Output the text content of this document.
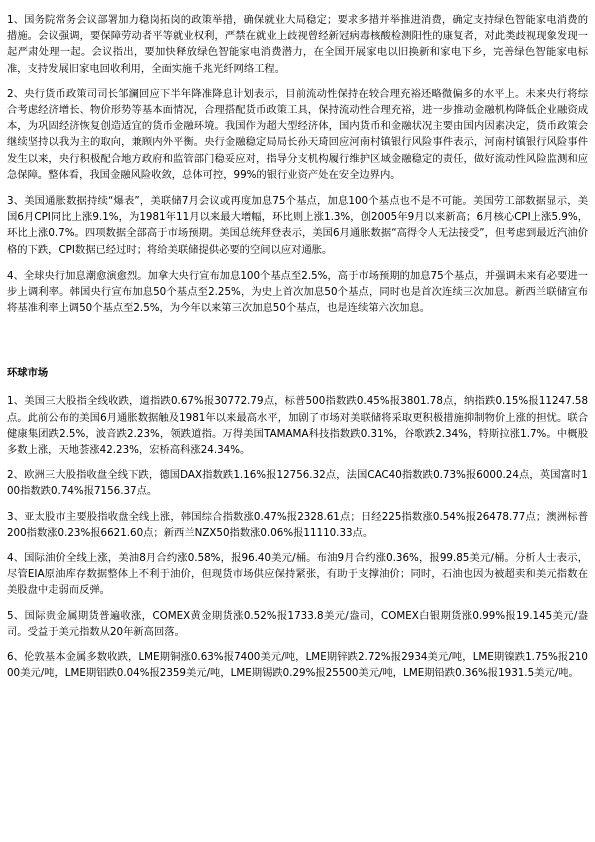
1、国务院常务会议部署加力稳岗拓岗的政策举措，确保就业大局稳定；要求多措并举推进消费，确定支持绿色智能家电消费的措施。会议强调，要保障劳动者平等就业权利，严禁在就业上歧视曾经新冠病毒核酸检测阳性的康复者，对此类歧视现象发现一起严肃处理一起。会议指出，要加快释放绿色智能家电消费潜力，在全国开展家电以旧换新和家电下乡，完善绿色智能家电标准，支持发展旧家电回收利用，全面实施千兆光纤网络工程。

2、央行货币政策司司长邹澜回应下半年降准降息计划表示，目前流动性保持在较合理充裕还略微偏多的水平上。未来央行将综合考虑经济增长、物价形势等基本面情况，合理搭配货币政策工具，保持流动性合理充裕，进一步推动金融机构降低企业融资成本，为巩固经济恢复创造适宜的货币金融环境。我国作为超大型经济体，国内货币和金融状况主要由国内因素决定，货币政策会继续坚持以我为主的取向，兼顾内外平衡。央行金融稳定局局长孙天琦回应河南村镇银行风险事件表示，河南村镇银行风险事件发生以来，央行积极配合地方政府和监管部门稳妥应对，指导分支机构履行维护区域金融稳定的责任，做好流动性风险监测和应急保障。整体看，我国金融风险收敛，总体可控，99%的银行业资产处在安全边界内。

3、美国通胀数据持续“爆表”，美联储7月会议或再度加息75个基点，加息100个基点也不是不可能。美国劳工部数据显示，美国6月CPI同比上涨9.1%，为1981年11月以来最大增幅，环比则上涨1.3%，创2005年9月以来新高；6月核心CPI上涨5.9%，环比上涨0.7%。四项数据全部高于市场预期。美国总统拜登表示，美国6月通胀数据“高得令人无法接受”，但考虑到最近汽油价格的下跌，CPI数据已经过时；将给美联储提供必要的空间以应对通胀。

4、全球央行加息潮愈演愈烈。加拿大央行宣布加息100个基点至2.5%，高于市场预期的加息75个基点，并强调未来有必要进一步上调利率。韩国央行宣布加息50个基点至2.25%，为史上首次加息50个基点，同时也是首次连续三次加息。新西兰联储宣布将基准利率上调50个基点至2.5%，为今年以来第三次加息50个基点，也是连续第六次加息。

环球市场

1、美国三大股指全线收跌，道指跌0.67%报30772.79点，标普500指数跌0.45%报3801.78点，纳指跌0.15%报11247.58点。此前公布的美国6月通胀数据触及1981年以来最高水平，加剧了市场对美联储将采取更积极措施抑制物价上涨的担忧。联合健康集团跌2.5%，波音跌2.23%，领跌道指。万得美国TAMAMA科技指数跌0.31%，谷歌跌2.34%，特斯拉涨1.7%。中概股多数上涨，天地荟涨42.23%，宏桥高科涨24.34%。

2、欧洲三大股指收盘全线下跌，德国DAX指数跌1.16%报12756.32点，法国CAC40指数跌0.73%报6000.24点，英国富时100指数跌0.74%报7156.37点。

3、亚太股市主要股指收盘全线上涨，韩国综合指数涨0.47%报2328.61点；日经225指数涨0.54%报26478.77点；澳洲标普200指数涨0.23%报6621.60点；新西兰NZX50指数涨0.06%报11110.33点。

4、国际油价全线上涨，美油8月合约涨0.58%，报96.40美元/桶。布油9月合约涨0.36%，报99.85美元/桶。分析人士表示，尽管EIA原油库存数据整体上不利于油价，但现货市场供应保持紧张，有助于支撑油价；同时，石油也因为被超卖和美元指数在美股盘中走弱而反弹。

5、国际贵金属期货普遍收涨，COMEX黄金期货涨0.52%报1733.8美元/盎司，COMEX白银期货涨0.99%报19.145美元/盎司。受益于美元指数从20年新高回落。

6、伦敦基本金属多数收跌，LME期铜涨0.63%报7400美元/吨，LME期锌跌2.72%报2934美元/吨，LME期镍跌1.75%报21000美元/吨，LME期铝跌0.04%报2359美元/吨，LME期锡跌0.29%报25500美元/吨，LME期铅跌0.36%报1931.5美元/吨。
